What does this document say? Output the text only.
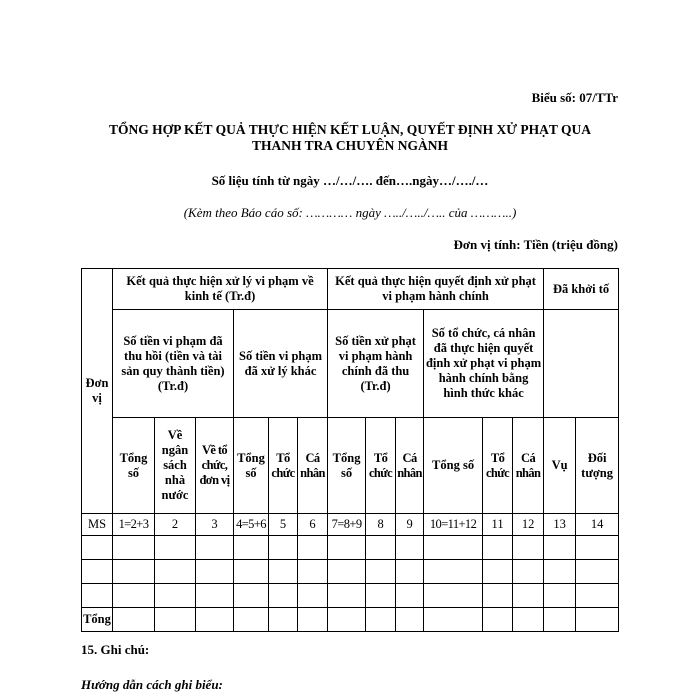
Biểu số: 07/TTr
TỔNG HỢP KẾT QUẢ THỰC HIỆN KẾT LUẬN, QUYẾT ĐỊNH XỬ PHẠT QUA
THANH TRA CHUYÊN NGÀNH
Số liệu tính từ ngày …/…/…. đến….ngày…/…./…
(Kèm theo Báo cáo số: ………… ngày …../…../….. của ………..)
Đơn vị tính: Tiền (triệu đồng)
Đơn vị	Kết quả thực hiện xử lý vi phạm về kinh tế (Tr.đ)						Kết quả thực hiện quyết định xử phạt vi phạm hành chính						Đã khởi tố	
	Số tiền vi phạm đã thu hồi (tiền và tài sản quy thành tiền) (Tr.đ)			Số tiền vi phạm đã xử lý khác			Số tiền xử phạt vi phạm hành chính đã thu (Tr.đ)			Số tổ chức, cá nhân đã thực hiện quyết định xử phạt vi phạm hành chính bằng hình thức khác				
	Tổng số	Về ngân sách nhà nước	Về tổ chức, đơn vị	Tổng số	Tổ chức	Cá nhân	Tổng số	Tổ chức	Cá nhân	Tổng số	Tổ chức	Cá nhân	Vụ	Đối tượng
MS	1=2+3	2	3	4=5+6	5	6	7=8+9	8	9	10=11+12	11	12	13	14

Tổng														
15. Ghi chú:
Hướng dẫn cách ghi biểu:
